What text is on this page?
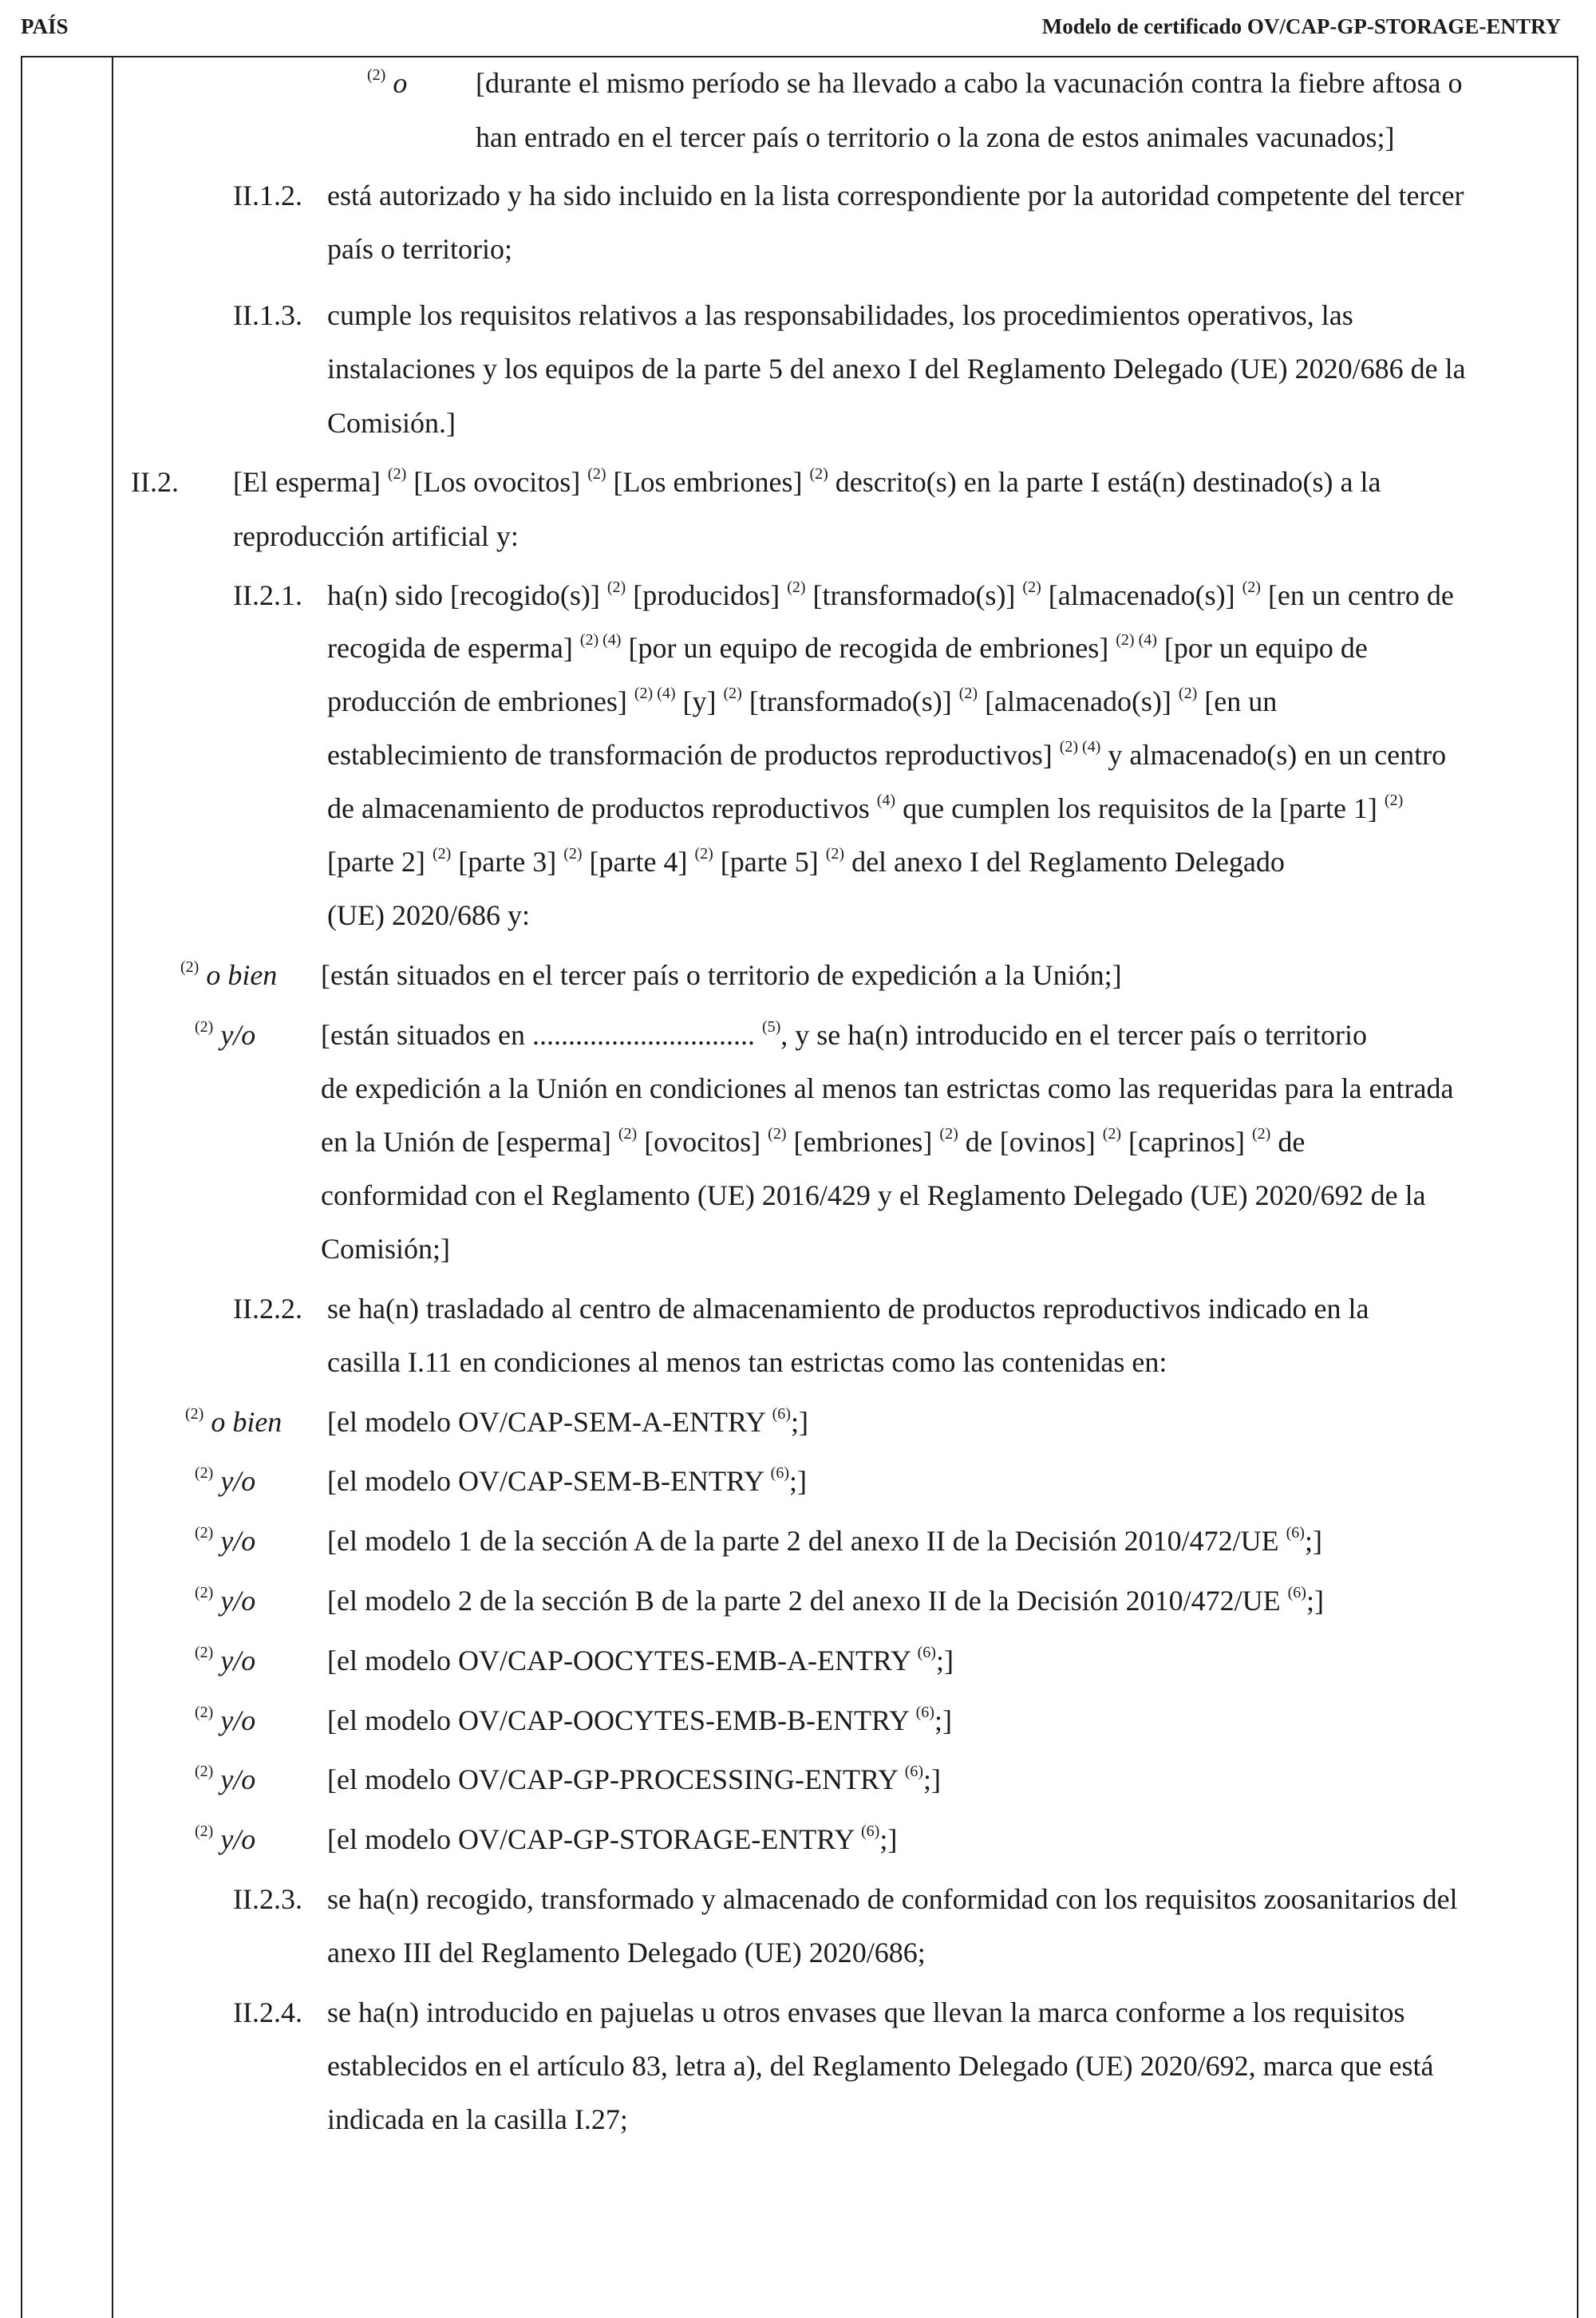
PAÍS	Modelo de certificado OV/CAP-GP-STORAGE-ENTRY
$^{(2)}$ o [durante el mismo período se ha llevado a cabo la vacunación contra la fiebre aftosa o
han entrado en el tercer país o territorio o la zona de estos animales vacunados;]
II.1.2. está autorizado y ha sido incluido en la lista correspondiente por la autoridad competente del tercer
país o territorio;
II.1.3. cumple los requisitos relativos a las responsabilidades, los procedimientos operativos, las
instalaciones y los equipos de la parte 5 del anexo I del Reglamento Delegado (UE) 2020/686 de la
Comisión.]
II.2. [El esperma] $^{(2)}$ [Los ovocitos] $^{(2)}$ [Los embriones] $^{(2)}$ descrito(s) en la parte I está(n) destinado(s) a la
reproducción artificial y:
II.2.1. ha(n) sido [recogido(s)] $^{(2)}$ [producidos] $^{(2)}$ [transformado(s)] $^{(2)}$ [almacenado(s)] $^{(2)}$ [en un centro de
recogida de esperma] $^{(2) (4)}$ [por un equipo de recogida de embriones] $^{(2) (4)}$ [por un equipo de
producción de embriones] $^{(2) (4)}$ [y] $^{(2)}$ [transformado(s)] $^{(2)}$ [almacenado(s)] $^{(2)}$ [en un
establecimiento de transformación de productos reproductivos] $^{(2) (4)}$ y almacenado(s) en un centro
de almacenamiento de productos reproductivos $^{(4)}$ que cumplen los requisitos de la [parte 1] $^{(2)}$
[parte 2] $^{(2)}$ [parte 3] $^{(2)}$ [parte 4] $^{(2)}$ [parte 5] $^{(2)}$ del anexo I del Reglamento Delegado
(UE) 2020/686 y:
$^{(2)}$ o bien [están situados en el tercer país o territorio de expedición a la Unión;]
$^{(2)}$ y/o [están situados en ............................... $^{(5)}$, y se ha(n) introducido en el tercer país o territorio
de expedición a la Unión en condiciones al menos tan estrictas como las requeridas para la entrada
en la Unión de [esperma] $^{(2)}$ [ovocitos] $^{(2)}$ [embriones] $^{(2)}$ de [ovinos] $^{(2)}$ [caprinos] $^{(2)}$ de
conformidad con el Reglamento (UE) 2016/429 y el Reglamento Delegado (UE) 2020/692 de la
Comisión;]
II.2.2. se ha(n) trasladado al centro de almacenamiento de productos reproductivos indicado en la
casilla I.11 en condiciones al menos tan estrictas como las contenidas en:
$^{(2)}$ o bien [el modelo OV/CAP-SEM-A-ENTRY $^{(6)}$;]
$^{(2)}$ y/o [el modelo OV/CAP-SEM-B-ENTRY $^{(6)}$;]
$^{(2)}$ y/o [el modelo 1 de la sección A de la parte 2 del anexo II de la Decisión 2010/472/UE $^{(6)}$;]
$^{(2)}$ y/o [el modelo 2 de la sección B de la parte 2 del anexo II de la Decisión 2010/472/UE $^{(6)}$;]
$^{(2)}$ y/o [el modelo OV/CAP-OOCYTES-EMB-A-ENTRY $^{(6)}$;]
$^{(2)}$ y/o [el modelo OV/CAP-OOCYTES-EMB-B-ENTRY $^{(6)}$;]
$^{(2)}$ y/o [el modelo OV/CAP-GP-PROCESSING-ENTRY $^{(6)}$;]
$^{(2)}$ y/o [el modelo OV/CAP-GP-STORAGE-ENTRY $^{(6)}$;]
II.2.3. se ha(n) recogido, transformado y almacenado de conformidad con los requisitos zoosanitarios del
anexo III del Reglamento Delegado (UE) 2020/686;
II.2.4. se ha(n) introducido en pajuelas u otros envases que llevan la marca conforme a los requisitos
establecidos en el artículo 83, letra a), del Reglamento Delegado (UE) 2020/692, marca que está
indicada en la casilla I.27;
